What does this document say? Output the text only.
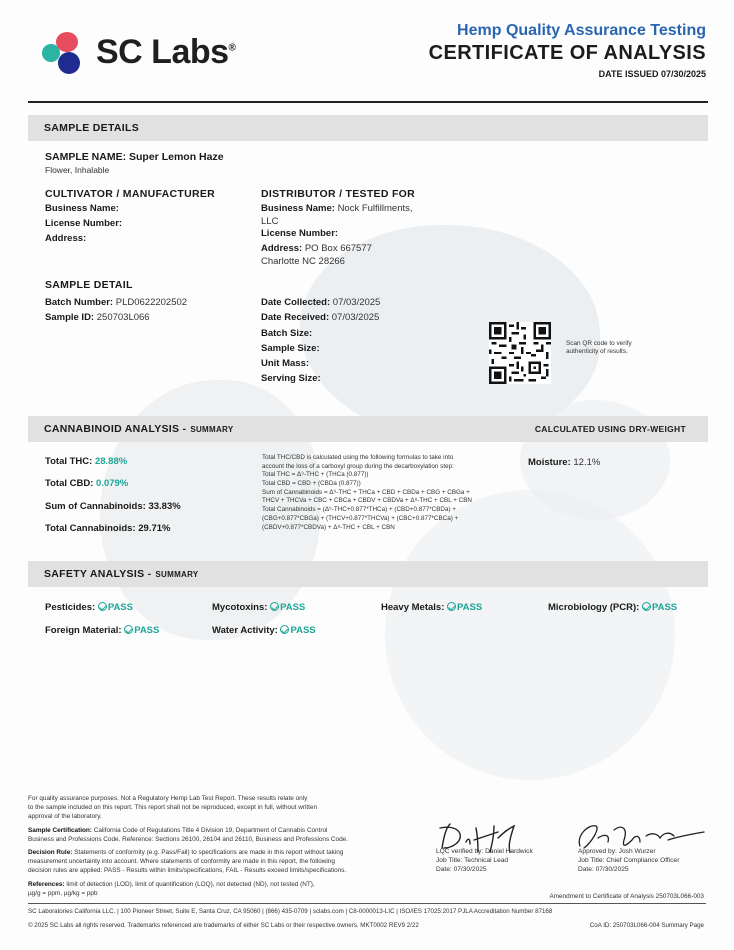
SC Labs®
Hemp Quality Assurance Testing
CERTIFICATE OF ANALYSIS
DATE ISSUED 07/30/2025
SAMPLE DETAILS
SAMPLE NAME: Super Lemon Haze
Flower, Inhalable
CULTIVATOR / MANUFACTURER
Business Name:
License Number:
Address:
DISTRIBUTOR / TESTED FOR
Business Name: Nock Fulfillments,
LLC
License Number:
Address: PO Box 667577
Charlotte NC 28266
SAMPLE DETAIL
Batch Number: PLD0622202502
Sample ID: 250703L066
Date Collected: 07/03/2025
Date Received: 07/03/2025
Batch Size:
Sample Size:
Unit Mass:
Serving Size:
Scan QR code to verify
authenticity of results.
CANNABINOID ANALYSIS - SUMMARY	CALCULATED USING DRY-WEIGHT
Total THC: 28.88%
Total CBD: 0.079%
Sum of Cannabinoids: 33.83%
Total Cannabinoids: 29.71%
Total THC/CBD is calculated using the following formulas to take into
account the loss of a carboxyl group during the decarboxylation step:
Total THC = Δ⁹-THC + (THCa (0.877))
Total CBD = CBD + (CBDa (0.877))
Sum of Cannabinoids = Δ⁹-THC + THCa + CBD + CBDa + CBG + CBGa +
THCV + THCVa + CBC + CBCa + CBDV + CBDVa + Δ⁸-THC + CBL + CBN
Total Cannabinoids = (Δ⁹-THC+0.877*THCa) + (CBD+0.877*CBDa) +
(CBG+0.877*CBGa) + (THCV+0.877*THCVa) + (CBC+0.877*CBCa) +
(CBDV+0.877*CBDVa) + Δ⁸-THC + CBL + CBN
Moisture: 12.1%
SAFETY ANALYSIS - SUMMARY
Pesticides: PASS	Mycotoxins: PASS	Heavy Metals: PASS	Microbiology (PCR): PASS
Foreign Material: PASS	Water Activity: PASS
For quality assurance purposes. Not a Regulatory Hemp Lab Test Report. These results relate only
to the sample included on this report. This report shall not be reproduced, except in full, without written
approval of the laboratory.
Sample Certification: California Code of Regulations Title 4 Division 19, Department of Cannabis Control
Business and Professions Code. Reference: Sections 26100, 26104 and 26110, Business and Professions Code.
Decision Rule: Statements of conformity (e.g. Pass/Fail) to specifications are made in this report without taking
measurement uncertainty into account. Where statements of conformity are made in this report, the following
decision rules are applied: PASS - Results within limits/specifications, FAIL - Results exceed limits/specifications.
References: limit of detection (LOD), limit of quantification (LOQ), not detected (ND), not tested (NT),
µg/g = ppm, µg/kg = ppb
LQC verified by: Daniel Hardwick
Job Title: Technical Lead
Date: 07/30/2025
Approved by: Josh Wurzer
Job Title: Chief Compliance Officer
Date: 07/30/2025
Amendment to Certificate of Analysis 250703L066-003
SC Laboratories California LLC. | 100 Pioneer Street, Suite E, Santa Cruz, CA 95060 | (866) 435-0709 | sclabs.com | C8-0000013-LIC | ISO/IES 17025:2017 PJLA Accreditation Number 87168
© 2025 SC Labs all rights reserved. Trademarks referenced are trademarks of either SC Labs or their respective owners. MKT0002 REV9 2/22	CoA ID: 250703L066-004 Summary Page
